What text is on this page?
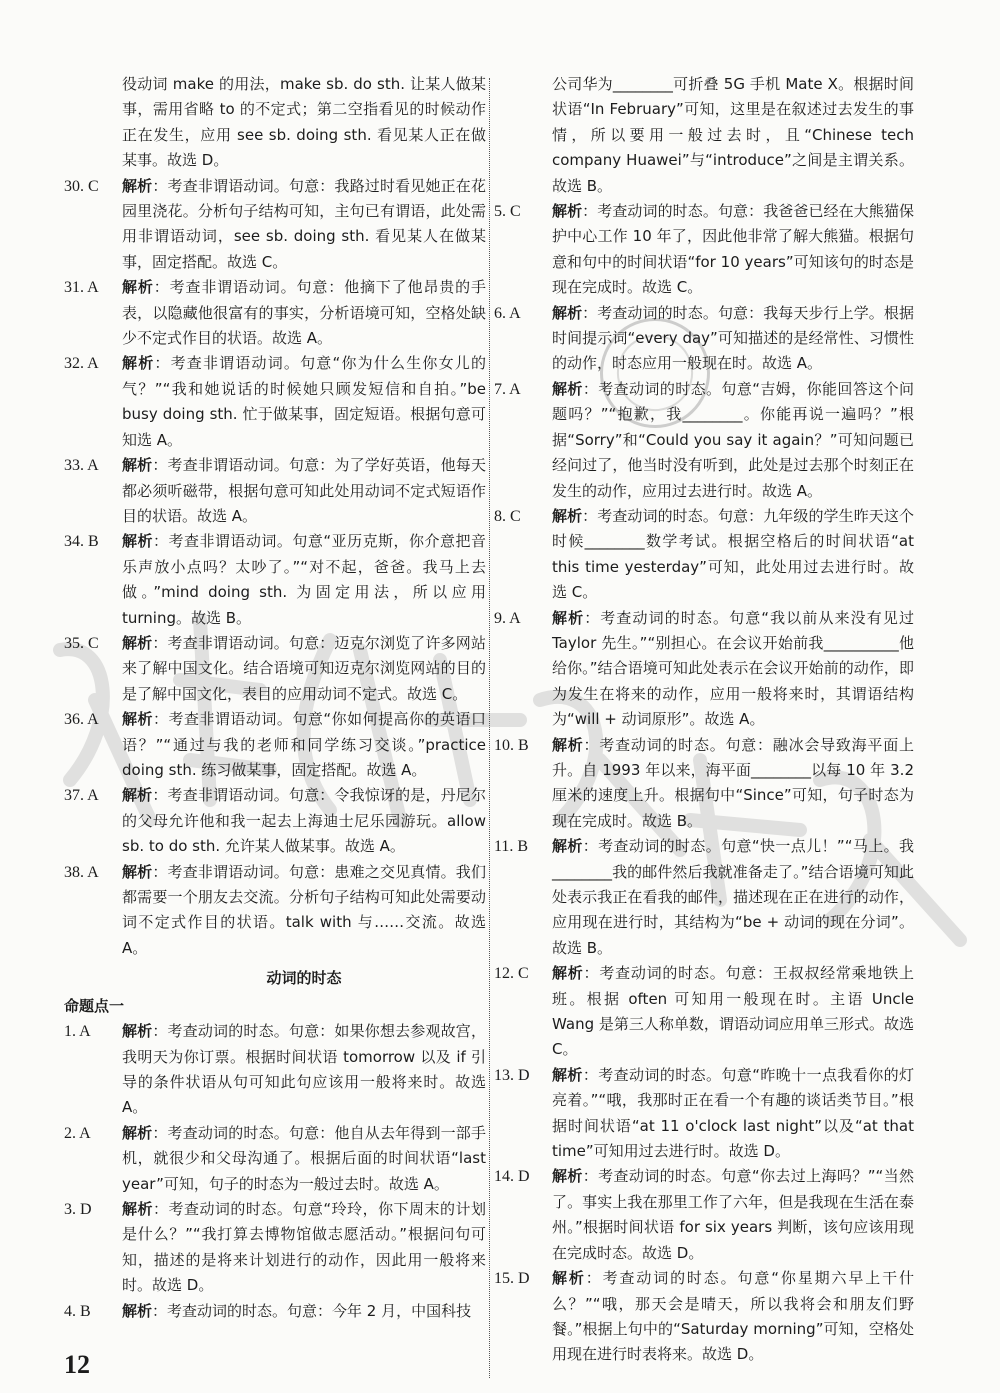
役动词 make 的用法，make sb. do sth. 让某人做某事，需用省略 to 的不定式；第二空指看见的时候动作正在发生，应用 see sb. doing sth. 看见某人正在做某事。故选 D。
30. C	解析：考查非谓语动词。句意：我路过时看见她正在花园里浇花。分析句子结构可知，主句已有谓语，此处需用非谓语动词，see sb. doing sth. 看见某人在做某事，固定搭配。故选 C。
31. A	解析：考查非谓语动词。句意：他摘下了他昂贵的手表，以隐藏他很富有的事实，分析语境可知，空格处缺少不定式作目的状语。故选 A。
32. A	解析：考查非谓语动词。句意“你为什么生你女儿的气？”“我和她说话的时候她只顾发短信和自拍。”be busy doing sth. 忙于做某事，固定短语。根据句意可知选 A。
33. A	解析：考查非谓语动词。句意：为了学好英语，他每天都必须听磁带，根据句意可知此处用动词不定式短语作目的状语。故选 A。
34. B	解析：考查非谓语动词。句意“亚历克斯，你介意把音乐声放小点吗？太吵了。”“对不起，爸爸。我马上去做。”mind doing sth. 为固定用法，所以应用 turning。故选 B。
35. C	解析：考查非谓语动词。句意：迈克尔浏览了许多网站来了解中国文化。结合语境可知迈克尔浏览网站的目的是了解中国文化，表目的应用动词不定式。故选 C。
36. A	解析：考查非谓语动词。句意“你如何提高你的英语口语？”“通过与我的老师和同学练习交谈。”practice doing sth. 练习做某事，固定搭配。故选 A。
37. A	解析：考查非谓语动词。句意：令我惊讶的是，丹尼尔的父母允许他和我一起去上海迪士尼乐园游玩。allow sb. to do sth. 允许某人做某事。故选 A。
38. A	解析：考查非谓语动词。句意：患难之交见真情。我们都需要一个朋友去交流。分析句子结构可知此处需要动词不定式作目的状语。talk with 与……交流。故选 A。
动词的时态
命题点一
1. A	解析：考查动词的时态。句意：如果你想去参观故宫，我明天为你订票。根据时间状语 tomorrow 以及 if 引导的条件状语从句可知此句应该用一般将来时。故选 A。
2. A	解析：考查动词的时态。句意：他自从去年得到一部手机，就很少和父母沟通了。根据后面的时间状语“last year”可知，句子的时态为一般过去时。故选 A。
3. D	解析：考查动词的时态。句意“玲玲，你下周末的计划是什么？”“我打算去博物馆做志愿活动。”根据问句可知，描述的是将来计划进行的动作，因此用一般将来时。故选 D。
4. B	解析：考查动词的时态。句意：今年 2 月，中国科技
公司华为________可折叠 5G 手机 Mate X。根据时间状语“In February”可知，这里是在叙述过去发生的事情，所以要用一般过去时，且“Chinese tech company Huawei”与“introduce”之间是主谓关系。故选 B。
5. C	解析：考查动词的时态。句意：我爸爸已经在大熊猫保护中心工作 10 年了，因此他非常了解大熊猫。根据句意和句中的时间状语“for 10 years”可知该句的时态是现在完成时。故选 C。
6. A	解析：考查动词的时态。句意：我每天步行上学。根据时间提示词“every day”可知描述的是经常性、习惯性的动作，时态应用一般现在时。故选 A。
7. A	解析：考查动词的时态。句意“吉姆，你能回答这个问题吗？”“抱歉，我________。你能再说一遍吗？”根据“Sorry”和“Could you say it again？”可知问题已经问过了，他当时没有听到，此处是过去那个时刻正在发生的动作，应用过去进行时。故选 A。
8. C	解析：考查动词的时态。句意：九年级的学生昨天这个时候________数学考试。根据空格后的时间状语“at this time yesterday”可知，此处用过去进行时。故选 C。
9. A	解析：考查动词的时态。句意“我以前从来没有见过 Taylor 先生。”“别担心。在会议开始前我__________他给你。”结合语境可知此处表示在会议开始前的动作，即为发生在将来的动作，应用一般将来时，其谓语结构为“will + 动词原形”。故选 A。
10. B	解析：考查动词的时态。句意：融冰会导致海平面上升。自 1993 年以来，海平面________以每 10 年 3.2 厘米的速度上升。根据句中“Since”可知，句子时态为现在完成时。故选 B。
11. B	解析：考查动词的时态。句意“快一点儿！”“马上。我________我的邮件然后我就准备走了。”结合语境可知此处表示我正在看我的邮件，描述现在正在进行的动作，应用现在进行时，其结构为“be + 动词的现在分词”。故选 B。
12. C	解析：考查动词的时态。句意：王叔叔经常乘地铁上班。根据 often 可知用一般现在时。主语 Uncle Wang 是第三人称单数，谓语动词应用单三形式。故选 C。
13. D	解析：考查动词的时态。句意“昨晚十一点我看你的灯亮着。”“哦，我那时正在看一个有趣的谈话类节目。”根据时间状语“at 11 o'clock last night”以及“at that time”可知用过去进行时。故选 D。
14. D	解析：考查动词的时态。句意“你去过上海吗？”“当然了。事实上我在那里工作了六年，但是我现在生活在泰州。”根据时间状语 for six years 判断，该句应该用现在完成时态。故选 D。
15. D	解析：考查动词的时态。句意“你星期六早上干什么？”“哦，那天会是晴天，所以我将会和朋友们野餐。”根据上句中的“Saturday morning”可知，空格处用现在进行时表将来。故选 D。
12
